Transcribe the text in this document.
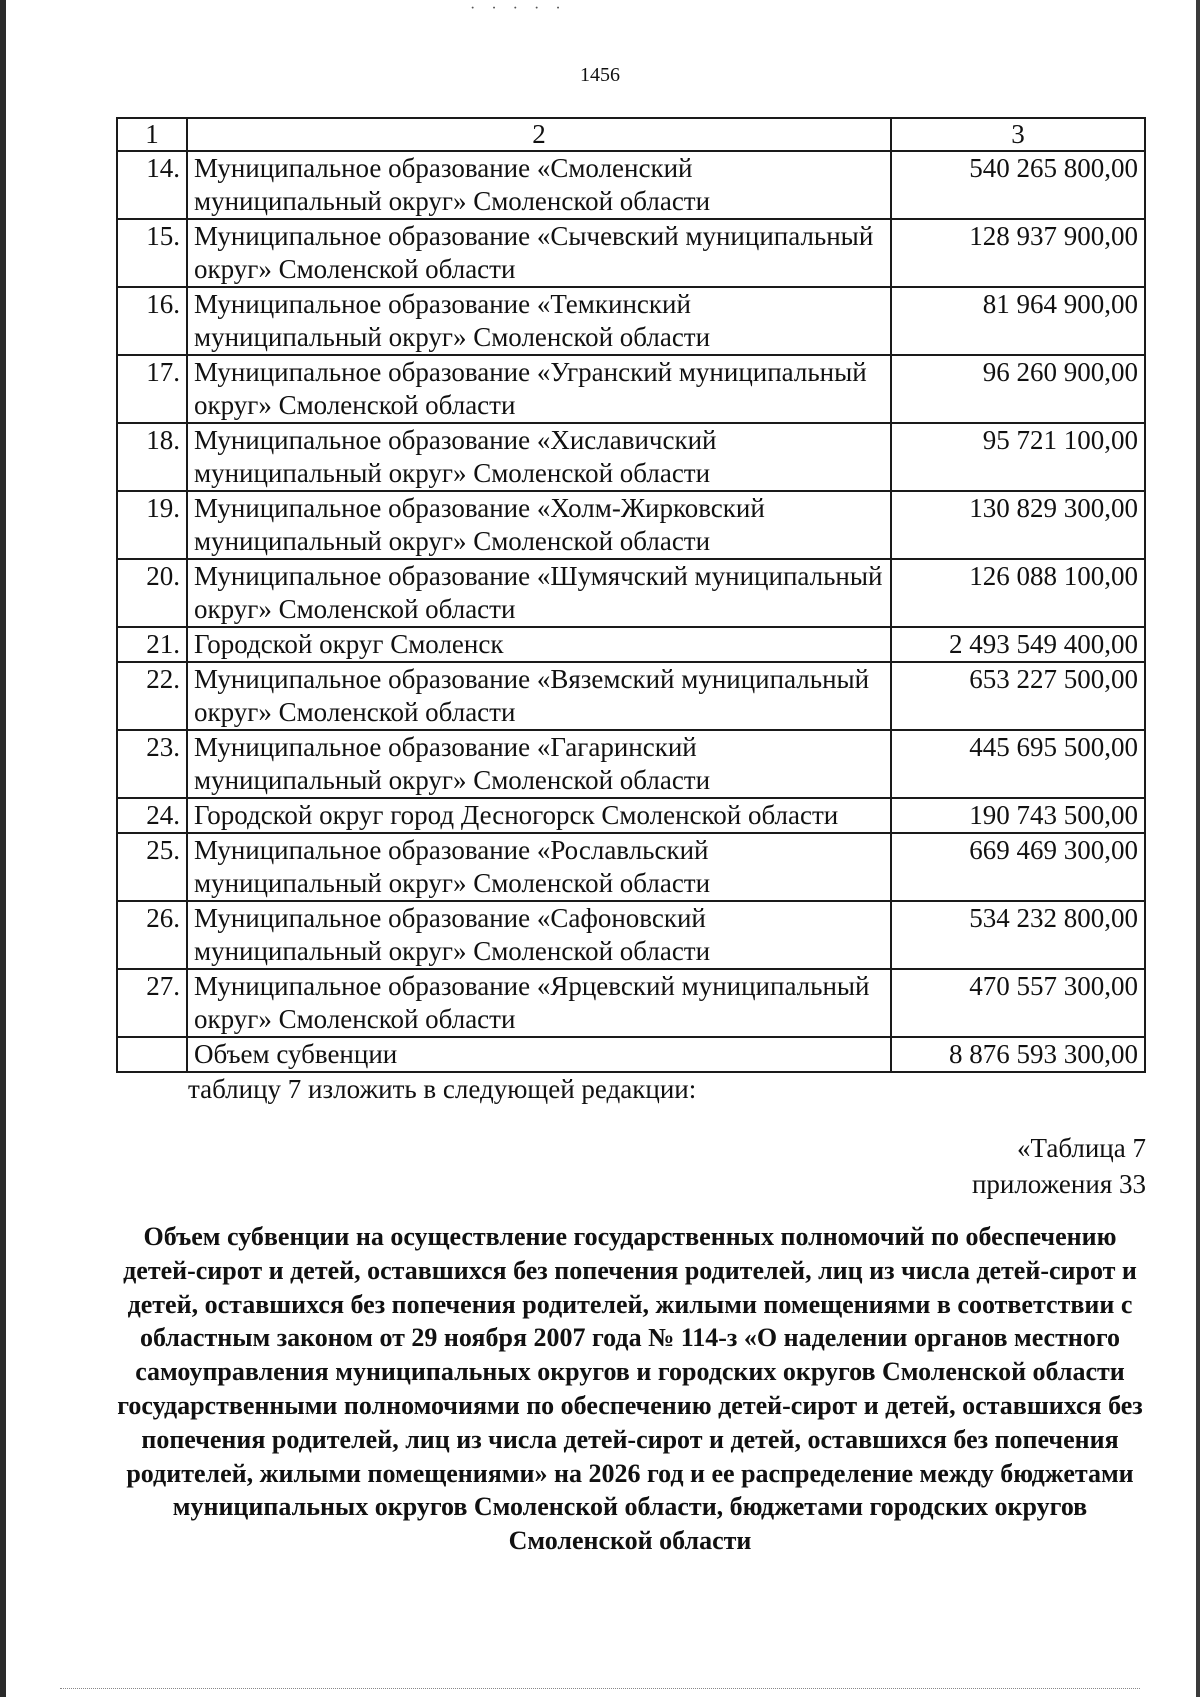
· · · · ·
1456
1	2	3
14.	Муниципальное образование «Смоленский муниципальный округ» Смоленской области	540 265 800,00
15.	Муниципальное образование «Сычевский муниципальный округ» Смоленской области	128 937 900,00
16.	Муниципальное образование «Темкинский муниципальный округ» Смоленской области	81 964 900,00
17.	Муниципальное образование «Угранский муниципальный округ» Смоленской области	96 260 900,00
18.	Муниципальное образование «Хиславичский муниципальный округ» Смоленской области	95 721 100,00
19.	Муниципальное образование «Холм-Жирковский муниципальный округ» Смоленской области	130 829 300,00
20.	Муниципальное образование «Шумячский муниципальный округ» Смоленской области	126 088 100,00
21.	Городской округ Смоленск	2 493 549 400,00
22.	Муниципальное образование «Вяземский муниципальный округ» Смоленской области	653 227 500,00
23.	Муниципальное образование «Гагаринский муниципальный округ» Смоленской области	445 695 500,00
24.	Городской округ город Десногорск Смоленской области	190 743 500,00
25.	Муниципальное образование «Рославльский муниципальный округ» Смоленской области	669 469 300,00
26.	Муниципальное образование «Сафоновский муниципальный округ» Смоленской области	534 232 800,00
27.	Муниципальное образование «Ярцевский муниципальный округ» Смоленской области	470 557 300,00
	Объем субвенции	8 876 593 300,00
таблицу 7 изложить в следующей редакции:
«Таблица 7
приложения 33
Объем субвенции на осуществление государственных полномочий по обеспечению детей-сирот и детей, оставшихся без попечения родителей, лиц из числа детей-сирот и детей, оставшихся без попечения родителей, жилыми помещениями в соответствии с областным законом от 29 ноября 2007 года № 114-з «О наделении органов местного самоуправления муниципальных округов и городских округов Смоленской области государственными полномочиями по обеспечению детей-сирот и детей, оставшихся без попечения родителей, лиц из числа детей-сирот и детей, оставшихся без попечения родителей, жилыми помещениями» на 2026 год и ее распределение между бюджетами муниципальных округов Смоленской области, бюджетами городских округов Смоленской области
